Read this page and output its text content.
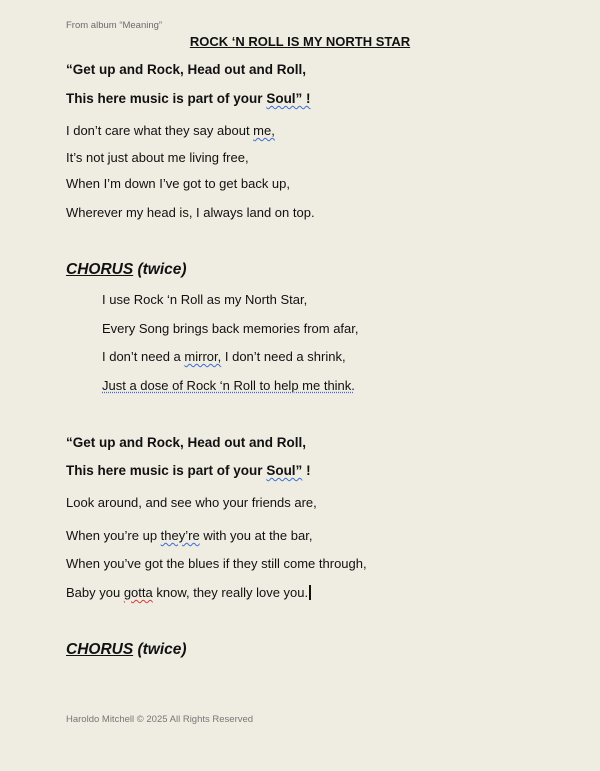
From album “Meaning”
ROCK ‘N ROLL IS MY NORTH STAR
“Get up and Rock, Head out and Roll,
This here music is part of your Soul” !
I don’t care what they say about me,
It’s not just about me living free,
When I’m down I’ve got to get back up,
Wherever my head is, I always land on top.
CHORUS (twice)
I use Rock ‘n Roll as my North Star,
Every Song brings back memories from afar,
I don’t need a mirror, I don’t need a shrink,
Just a dose of Rock ‘n Roll to help me think.
“Get up and Rock, Head out and Roll,
This here music is part of your Soul” !
Look around, and see who your friends are,
When you’re up they’re with you at the bar,
When you’ve got the blues if they still come through,
Baby you gotta know, they really love you.
CHORUS (twice)
Haroldo Mitchell © 2025 All Rights Reserved
